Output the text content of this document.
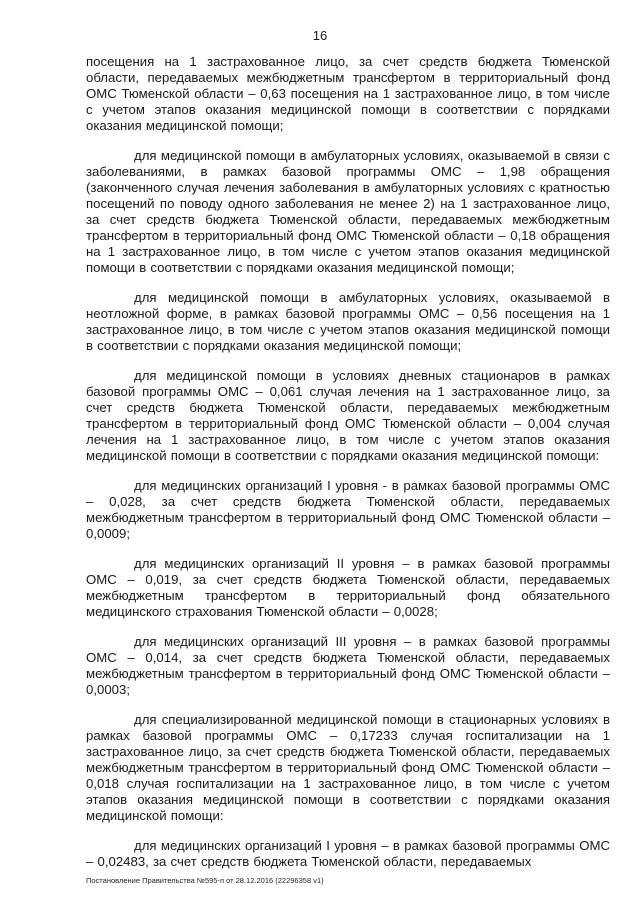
16

посещения на 1 застрахованное лицо, за счет средств бюджета Тюменской области, передаваемых межбюджетным трансфертом в территориальный фонд ОМС Тюменской области – 0,63 посещения на 1 застрахованное лицо, в том числе с учетом этапов оказания медицинской помощи в соответствии с порядками оказания медицинской помощи;

для медицинской помощи в амбулаторных условиях, оказываемой в связи с заболеваниями, в рамках базовой программы ОМС – 1,98 обращения (законченного случая лечения заболевания в амбулаторных условиях с кратностью посещений по поводу одного заболевания не менее 2) на 1 застрахованное лицо, за счет средств бюджета Тюменской области, передаваемых межбюджетным трансфертом в территориальный фонд ОМС Тюменской области – 0,18 обращения на 1 застрахованное лицо, в том числе с учетом этапов оказания медицинской помощи в соответствии с порядками оказания медицинской помощи;

для медицинской помощи в амбулаторных условиях, оказываемой в неотложной форме, в рамках базовой программы ОМС – 0,56 посещения на 1 застрахованное лицо, в том числе с учетом этапов оказания медицинской помощи в соответствии с порядками оказания медицинской помощи;

для медицинской помощи в условиях дневных стационаров в рамках базовой программы ОМС – 0,061 случая лечения на 1 застрахованное лицо, за счет средств бюджета Тюменской области, передаваемых межбюджетным трансфертом в территориальный фонд ОМС Тюменской области – 0,004 случая лечения на 1 застрахованное лицо, в том числе с учетом этапов оказания медицинской помощи в соответствии с порядками оказания медицинской помощи:

для медицинских организаций I уровня - в рамках базовой программы ОМС – 0,028, за счет средств бюджета Тюменской области, передаваемых межбюджетным трансфертом в территориальный фонд ОМС Тюменской области – 0,0009;

для медицинских организаций II уровня – в рамках базовой программы ОМС – 0,019, за счет средств бюджета Тюменской области, передаваемых межбюджетным трансфертом в территориальный фонд обязательного медицинского страхования Тюменской области – 0,0028;

для медицинских организаций III уровня – в рамках базовой программы ОМС – 0,014, за счет средств бюджета Тюменской области, передаваемых межбюджетным трансфертом в территориальный фонд ОМС Тюменской области – 0,0003;

для специализированной медицинской помощи в стационарных условиях в рамках базовой программы ОМС – 0,17233 случая госпитализации на 1 застрахованное лицо, за счет средств бюджета Тюменской области, передаваемых межбюджетным трансфертом в территориальный фонд ОМС Тюменской области – 0,018 случая госпитализации на 1 застрахованное лицо, в том числе с учетом этапов оказания медицинской помощи в соответствии с порядками оказания медицинской помощи:

для медицинских организаций I уровня – в рамках базовой программы ОМС – 0,02483, за счет средств бюджета Тюменской области, передаваемых

Постановление Правительства №595-п от 28.12.2016 (22296358 v1)
